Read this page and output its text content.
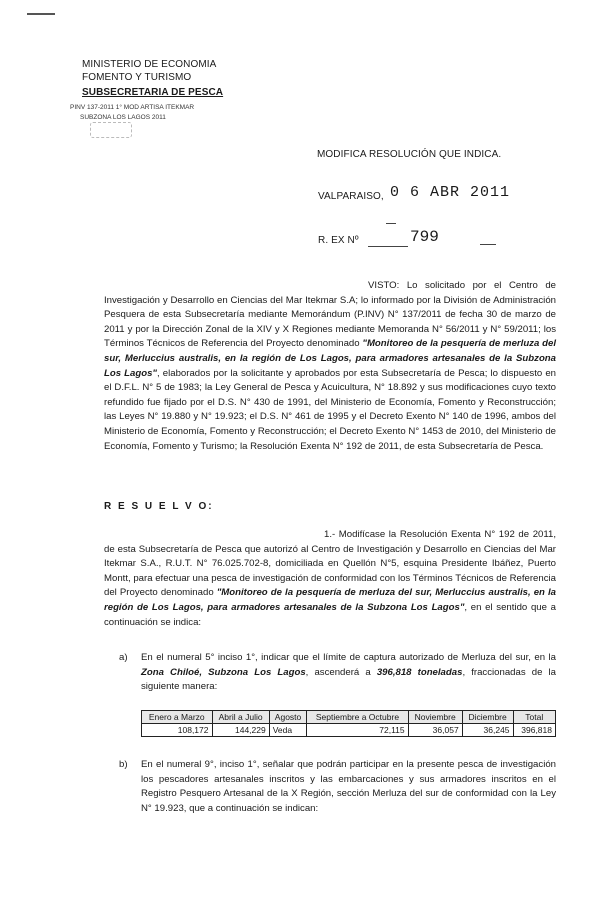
MINISTERIO DE ECONOMIA
FOMENTO Y TURISMO
SUBSECRETARIA DE PESCA
PINV 137-2011 1° MOD ARTISA ITEKMAR
SUBZONA LOS LAGOS 2011
MODIFICA RESOLUCIÓN QUE INDICA.
VALPARAISO, 0 6 ABR 2011
R. EX Nº	799
VISTO: Lo solicitado por el Centro de Investigación y Desarrollo en Ciencias del Mar Itekmar S.A; lo informado por la División de Administración Pesquera de esta Subsecretaría mediante Memorándum (P.INV) N° 137/2011 de fecha 30 de marzo de 2011 y por la Dirección Zonal de la XIV y X Regiones mediante Memoranda N° 56/2011 y N° 59/2011; los Términos Técnicos de Referencia del Proyecto denominado "Monitoreo de la pesquería de merluza del sur, Merluccius australis, en la región de Los Lagos, para armadores artesanales de la Subzona Los Lagos", elaborados por la solicitante y aprobados por esta Subsecretaría de Pesca; lo dispuesto en el D.F.L. N° 5 de 1983; la Ley General de Pesca y Acuicultura, N° 18.892 y sus modificaciones cuyo texto refundido fue fijado por el D.S. N° 430 de 1991, del Ministerio de Economía, Fomento y Reconstrucción; las Leyes N° 19.880 y N° 19.923; el D.S. N° 461 de 1995 y el Decreto Exento N° 140 de 1996, ambos del Ministerio de Economía, Fomento y Reconstrucción; el Decreto Exento N° 1453 de 2010, del Ministerio de Economía, Fomento y Turismo; la Resolución Exenta N° 192 de 2011, de esta Subsecretaría de Pesca.
R E S U E L V O:
1.- Modifícase la Resolución Exenta N° 192 de 2011, de esta Subsecretaría de Pesca que autorizó al Centro de Investigación y Desarrollo en Ciencias del Mar Itekmar S.A., R.U.T. N° 76.025.702-8, domiciliada en Quellón N°5, esquina Presidente Ibáñez, Puerto Montt, para efectuar una pesca de investigación de conformidad con los Términos Técnicos de Referencia del Proyecto denominado "Monitoreo de la pesquería de merluza del sur, Merluccius australis, en la región de Los Lagos, para armadores artesanales de la Subzona Los Lagos", en el sentido que a continuación se indica:
a) En el numeral 5° inciso 1°, indicar que el límite de captura autorizado de Merluza del sur, en la Zona Chiloé, Subzona Los Lagos, ascenderá a 396,818 toneladas, fraccionadas de la siguiente manera:
Enero a Marzo	Abril a Julio	Agosto	Septiembre a Octubre	Noviembre	Diciembre	Total
108,172	144,229	Veda	72,115	36,057	36,245	396,818
b) En el numeral 9°, inciso 1°, señalar que podrán participar en la presente pesca de investigación los pescadores artesanales inscritos y las embarcaciones y sus armadores inscritos en el Registro Pesquero Artesanal de la X Región, sección Merluza del sur de conformidad con la Ley N° 19.923, que a continuación se indican:
